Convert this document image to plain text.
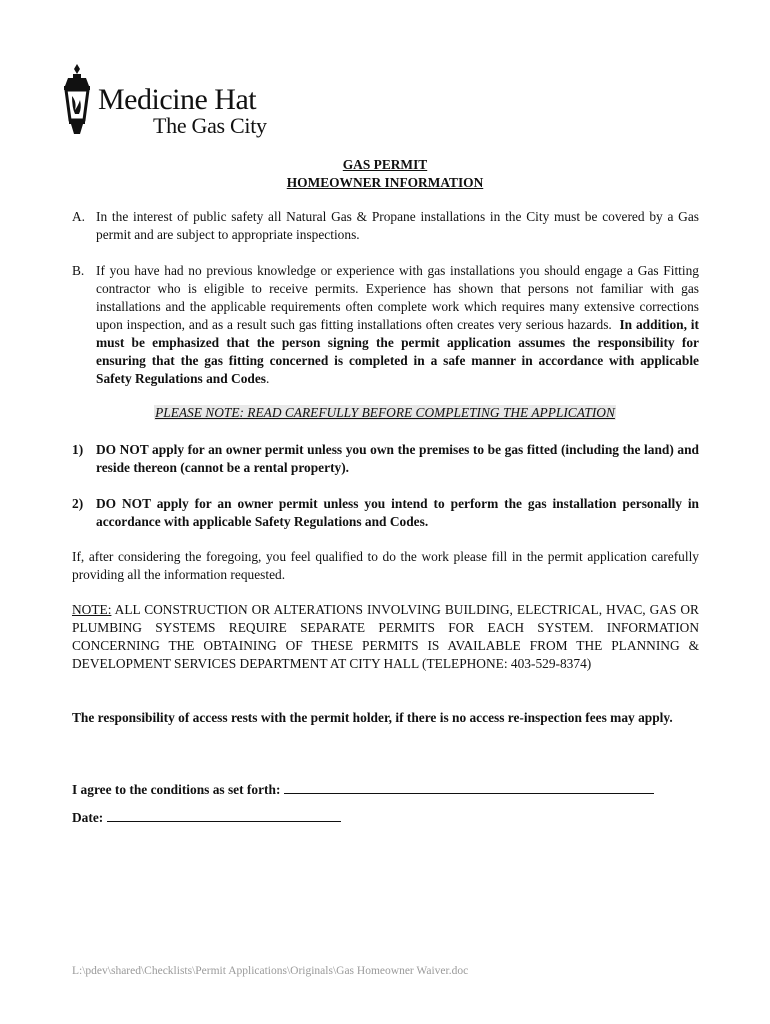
Medicine Hat
The Gas City
GAS PERMIT
HOMEOWNER INFORMATION
A. In the interest of public safety all Natural Gas & Propane installations in the City must be covered by a Gas permit and are subject to appropriate inspections.
B. If you have had no previous knowledge or experience with gas installations you should engage a Gas Fitting contractor who is eligible to receive permits. Experience has shown that persons not familiar with gas installations and the applicable requirements often complete work which requires many extensive corrections upon inspection, and as a result such gas fitting installations often creates very serious hazards. In addition, it must be emphasized that the person signing the permit application assumes the responsibility for ensuring that the gas fitting concerned is completed in a safe manner in accordance with applicable Safety Regulations and Codes.
PLEASE NOTE: READ CAREFULLY BEFORE COMPLETING THE APPLICATION
1) DO NOT apply for an owner permit unless you own the premises to be gas fitted (including the land) and reside thereon (cannot be a rental property).
2) DO NOT apply for an owner permit unless you intend to perform the gas installation personally in accordance with applicable Safety Regulations and Codes.
If, after considering the foregoing, you feel qualified to do the work please fill in the permit application carefully providing all the information requested.
NOTE: ALL CONSTRUCTION OR ALTERATIONS INVOLVING BUILDING, ELECTRICAL, HVAC, GAS OR PLUMBING SYSTEMS REQUIRE SEPARATE PERMITS FOR EACH SYSTEM. INFORMATION CONCERNING THE OBTAINING OF THESE PERMITS IS AVAILABLE FROM THE PLANNING & DEVELOPMENT SERVICES DEPARTMENT AT CITY HALL (TELEPHONE: 403-529-8374)
The responsibility of access rests with the permit holder, if there is no access re-inspection fees may apply.
I agree to the conditions as set forth:
Date:
L:\pdev\shared\Checklists\Permit Applications\Originals\Gas Homeowner Waiver.doc
